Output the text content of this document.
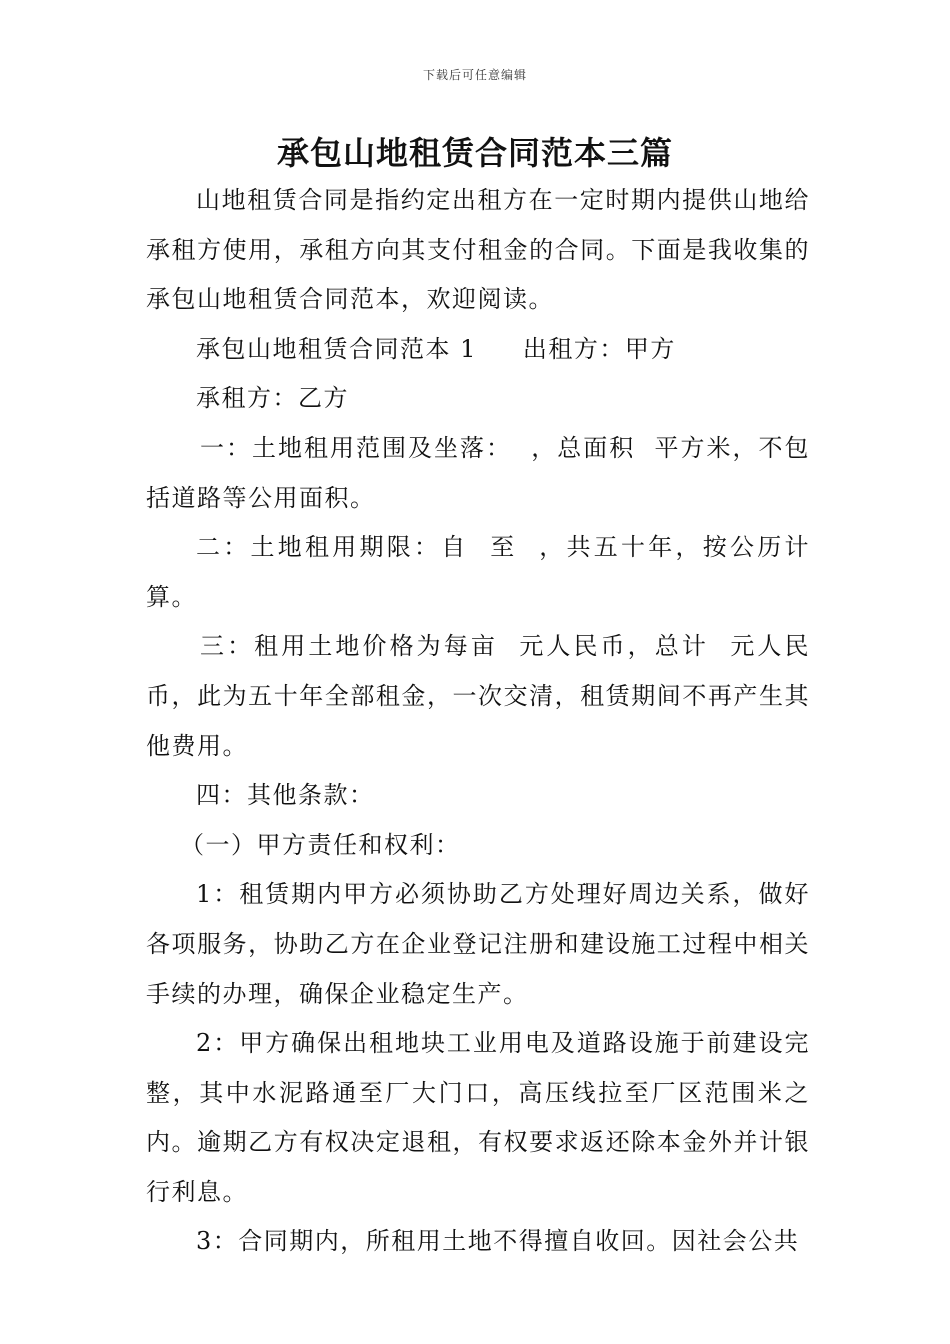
下载后可任意编辑
承包山地租赁合同范本三篇

山地租赁合同是指约定出租方在一定时期内提供山地给承租方使用，承租方向其支付租金的合同。下面是我收集的承包山地租赁合同范本，欢迎阅读。

承包山地租赁合同范本 1 出租方：甲方

承租方：乙方

一：土地租用范围及坐落：  ，总面积  平方米，不包括道路等公用面积。

二：土地租用期限：自  至  ，共五十年，按公历计算。

三：租用土地价格为每亩  元人民币，总计  元人民币，此为五十年全部租金，一次交清，租赁期间不再产生其他费用。

四：其他条款：

（一）甲方责任和权利：

1：租赁期内甲方必须协助乙方处理好周边关系，做好各项服务，协助乙方在企业登记注册和建设施工过程中相关手续的办理，确保企业稳定生产。

2：甲方确保出租地块工业用电及道路设施于前建设完整，其中水泥路通至厂大门口，高压线拉至厂区范围米之内。逾期乙方有权决定退租，有权要求返还除本金外并计银行利息。

3：合同期内，所租用土地不得擅自收回。因社会公共
